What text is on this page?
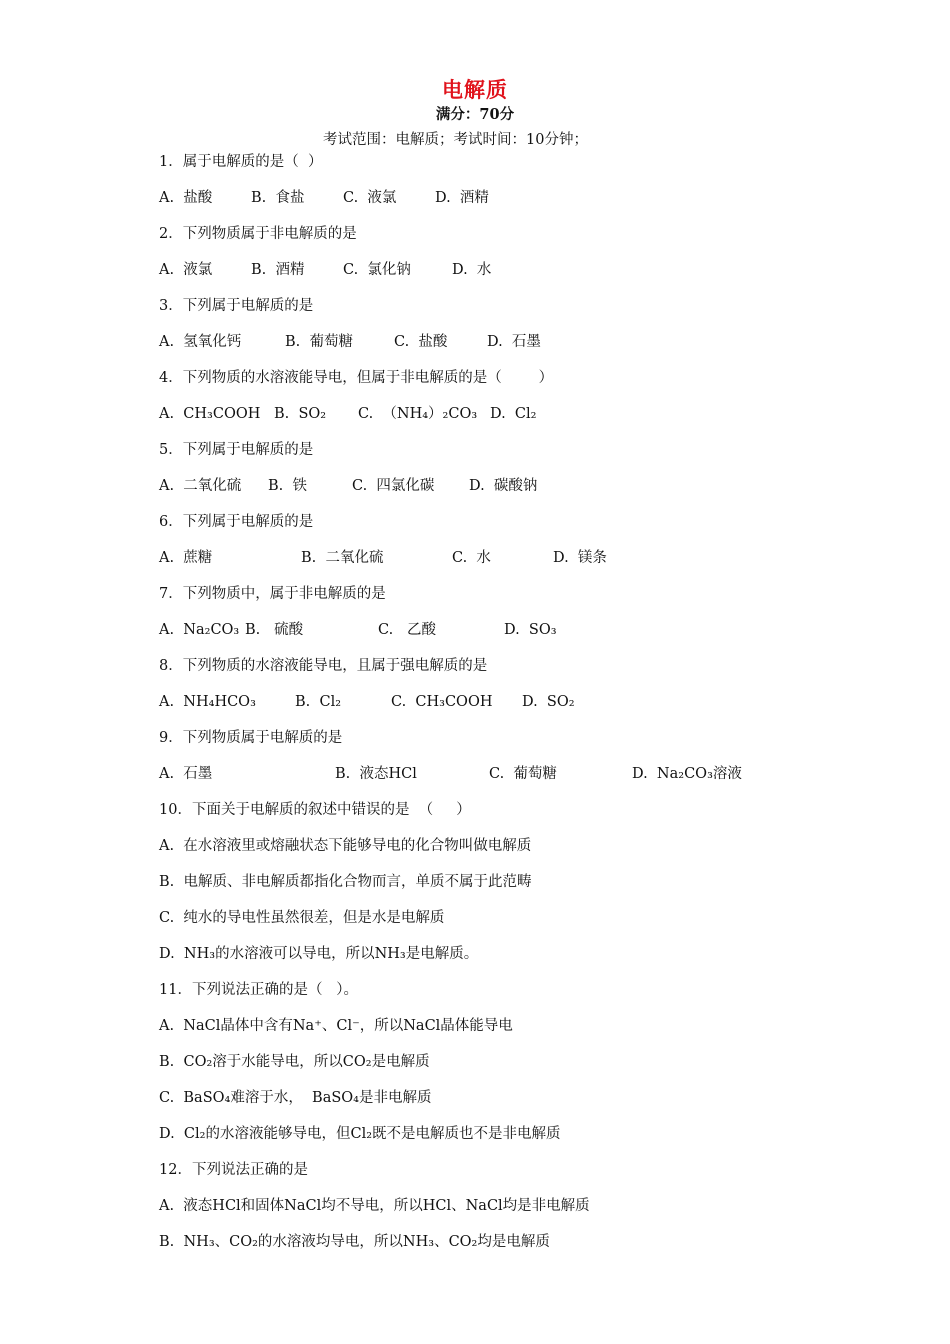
电解质
满分：70分
考试范围：电解质；考试时间：10分钟；
1．属于电解质的是（  ）
A.  盐酸	B.  食盐	C.  液氯	D.  酒精
2．下列物质属于非电解质的是
A.  液氯	B.  酒精	C.  氯化钠	D.  水
3．下列属于电解质的是
A.  氢氧化钙	B.  葡萄糖	C.  盐酸	D.  石墨
4．下列物质的水溶液能导电，但属于非电解质的是（        ）
A.  CH₃COOH B.  SO₂ C.  （NH₄）₂CO₃ D.  Cl₂
5．下列属于电解质的是
A.  二氧化硫 B.  铁	C.  四氯化碳 D.  碳酸钠
6．下列属于电解质的是
A.  蔗糖	B.  二氧化硫	C.  水	D.  镁条
7．下列物质中，属于非电解质的是
A.  Na₂CO₃ B.   硫酸	C.   乙酸	D.  SO₃
8．下列物质的水溶液能导电，且属于强电解质的是
A.  NH₄HCO₃	B.  Cl₂	C.  CH₃COOH D.  SO₂
9．下列物质属于电解质的是
A.  石墨	B.  液态HCl	C.  葡萄糖	D.  Na₂CO₃溶液
10．下面关于电解质的叙述中错误的是  （     ）
A.  在水溶液里或熔融状态下能够导电的化合物叫做电解质
B.  电解质、非电解质都指化合物而言，单质不属于此范畴
C.  纯水的导电性虽然很差，但是水是电解质
D.  NH₃的水溶液可以导电，所以NH₃是电解质。
11．下列说法正确的是（   ）。
A.  NaCl晶体中含有Na⁺、Cl⁻，所以NaCl晶体能导电
B.  CO₂溶于水能导电，所以CO₂是电解质
C.  BaSO₄难溶于水，  BaSO₄是非电解质
D.  Cl₂的水溶液能够导电，但Cl₂既不是电解质也不是非电解质
12．下列说法正确的是
A.  液态HCl和固体NaCl均不导电，所以HCl、NaCl均是非电解质
B.  NH₃、CO₂的水溶液均导电，所以NH₃、CO₂均是电解质
